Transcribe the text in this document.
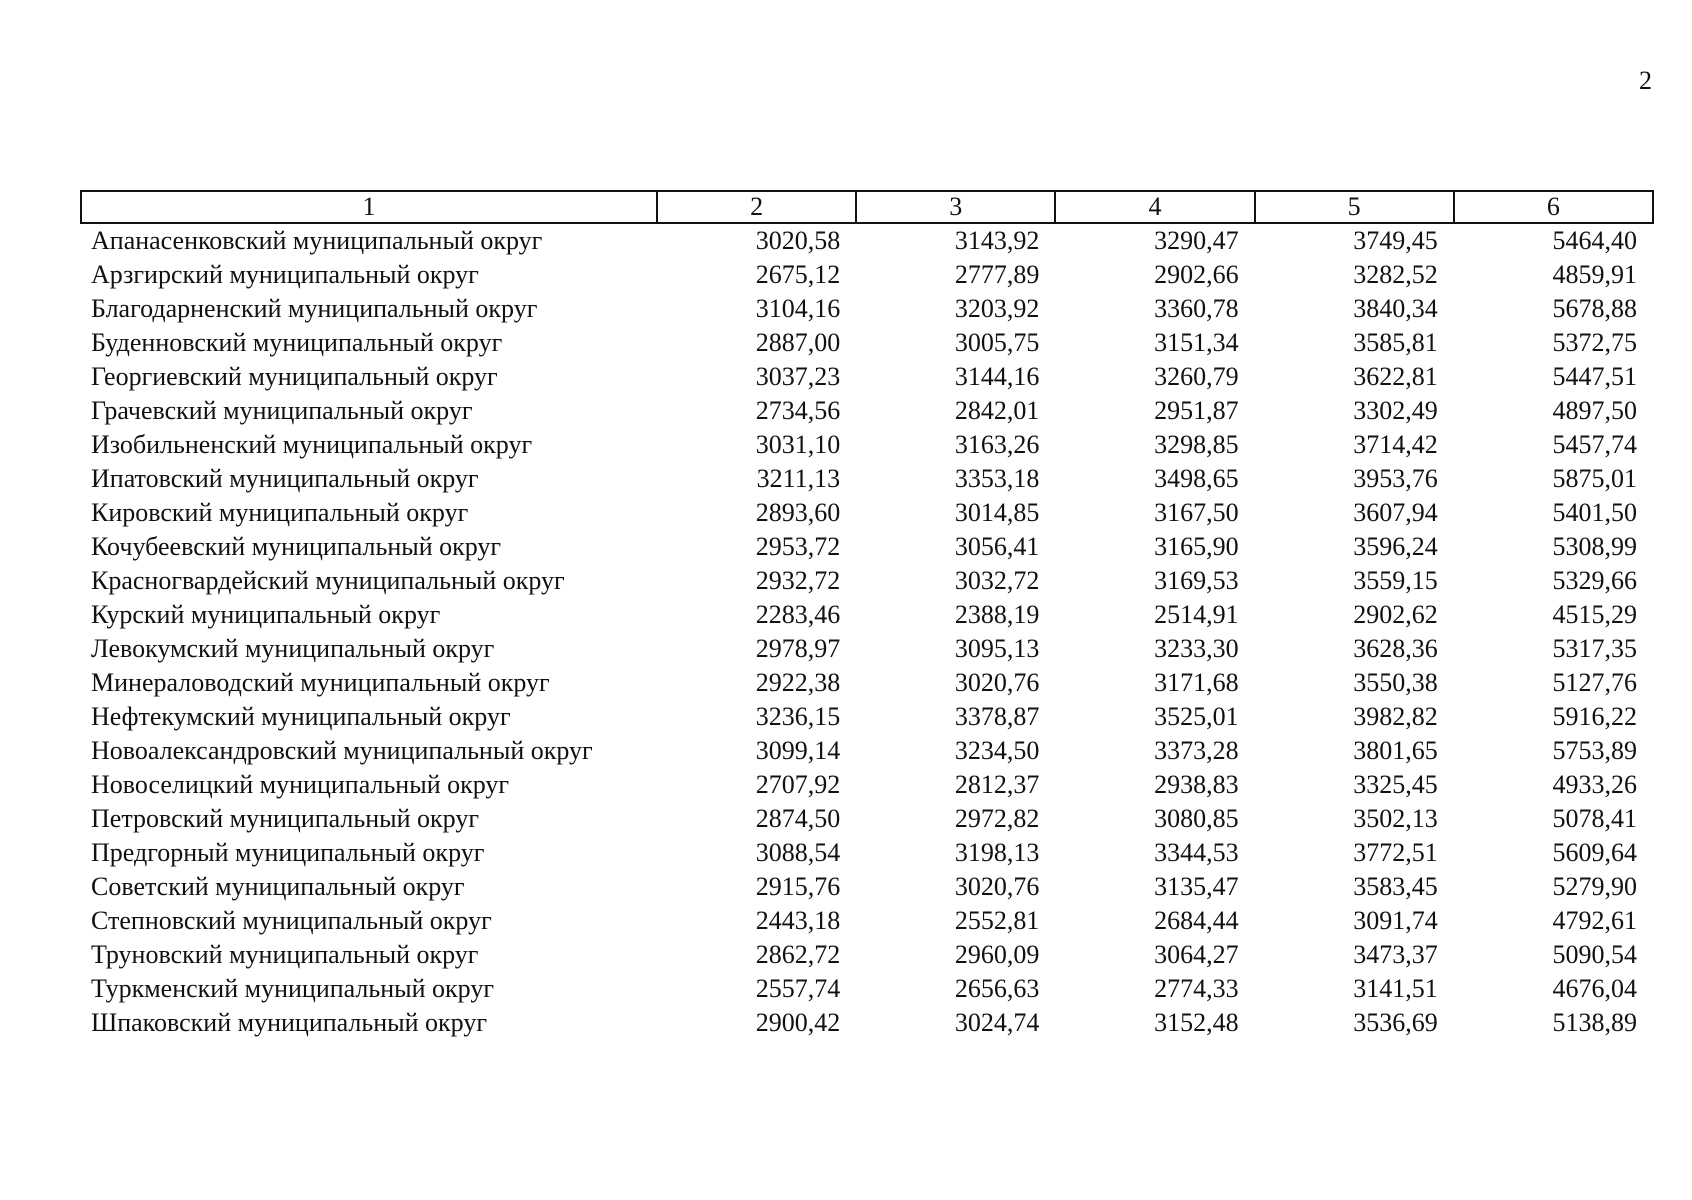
2
1	2	3	4	5	6
Апанасенковский муниципальный округ	3020,58	3143,92	3290,47	3749,45	5464,40
Арзгирский муниципальный округ	2675,12	2777,89	2902,66	3282,52	4859,91
Благодарненский муниципальный округ	3104,16	3203,92	3360,78	3840,34	5678,88
Буденновский муниципальный округ	2887,00	3005,75	3151,34	3585,81	5372,75
Георгиевский муниципальный округ	3037,23	3144,16	3260,79	3622,81	5447,51
Грачевский муниципальный округ	2734,56	2842,01	2951,87	3302,49	4897,50
Изобильненский муниципальный округ	3031,10	3163,26	3298,85	3714,42	5457,74
Ипатовский муниципальный округ	3211,13	3353,18	3498,65	3953,76	5875,01
Кировский муниципальный округ	2893,60	3014,85	3167,50	3607,94	5401,50
Кочубеевский муниципальный округ	2953,72	3056,41	3165,90	3596,24	5308,99
Красногвардейский муниципальный округ	2932,72	3032,72	3169,53	3559,15	5329,66
Курский муниципальный округ	2283,46	2388,19	2514,91	2902,62	4515,29
Левокумский муниципальный округ	2978,97	3095,13	3233,30	3628,36	5317,35
Минераловодский муниципальный округ	2922,38	3020,76	3171,68	3550,38	5127,76
Нефтекумский муниципальный округ	3236,15	3378,87	3525,01	3982,82	5916,22
Новоалександровский муниципальный округ	3099,14	3234,50	3373,28	3801,65	5753,89
Новоселицкий муниципальный округ	2707,92	2812,37	2938,83	3325,45	4933,26
Петровский муниципальный округ	2874,50	2972,82	3080,85	3502,13	5078,41
Предгорный муниципальный округ	3088,54	3198,13	3344,53	3772,51	5609,64
Советский муниципальный округ	2915,76	3020,76	3135,47	3583,45	5279,90
Степновский муниципальный округ	2443,18	2552,81	2684,44	3091,74	4792,61
Труновский муниципальный округ	2862,72	2960,09	3064,27	3473,37	5090,54
Туркменский муниципальный округ	2557,74	2656,63	2774,33	3141,51	4676,04
Шпаковский муниципальный округ	2900,42	3024,74	3152,48	3536,69	5138,89
